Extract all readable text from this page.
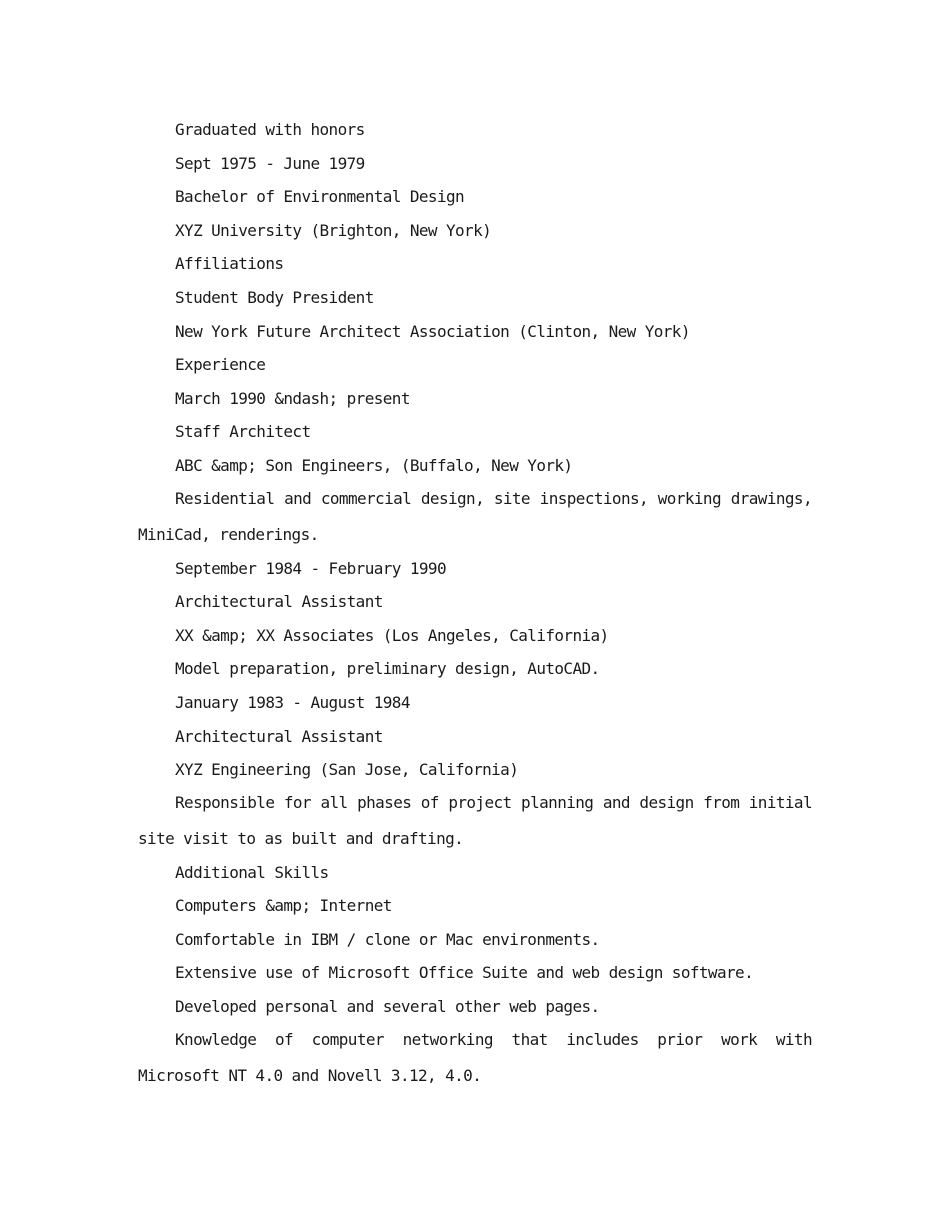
Graduated with honors
Sept 1975 - June 1979
Bachelor of Environmental Design
XYZ University (Brighton, New York)
Affiliations
Student Body President
New York Future Architect Association (Clinton, New York)
Experience
March 1990 &ndash; present
Staff Architect
ABC &amp; Son Engineers, (Buffalo, New York)

Residential and commercial design, site inspections, working drawings, MiniCad, renderings.

September 1984 - February 1990
Architectural Assistant
XX &amp; XX Associates (Los Angeles, California)
Model preparation, preliminary design, AutoCAD.
January 1983 - August 1984
Architectural Assistant
XYZ Engineering (San Jose, California)

Responsible for all phases of project planning and design from initial site visit to as built and drafting.

Additional Skills
Computers &amp; Internet
Comfortable in IBM / clone or Mac environments.
Extensive use of Microsoft Office Suite and web design software.
Developed personal and several other web pages.

Knowledge of computer networking that includes prior work with Microsoft NT 4.0 and Novell 3.12, 4.0.
